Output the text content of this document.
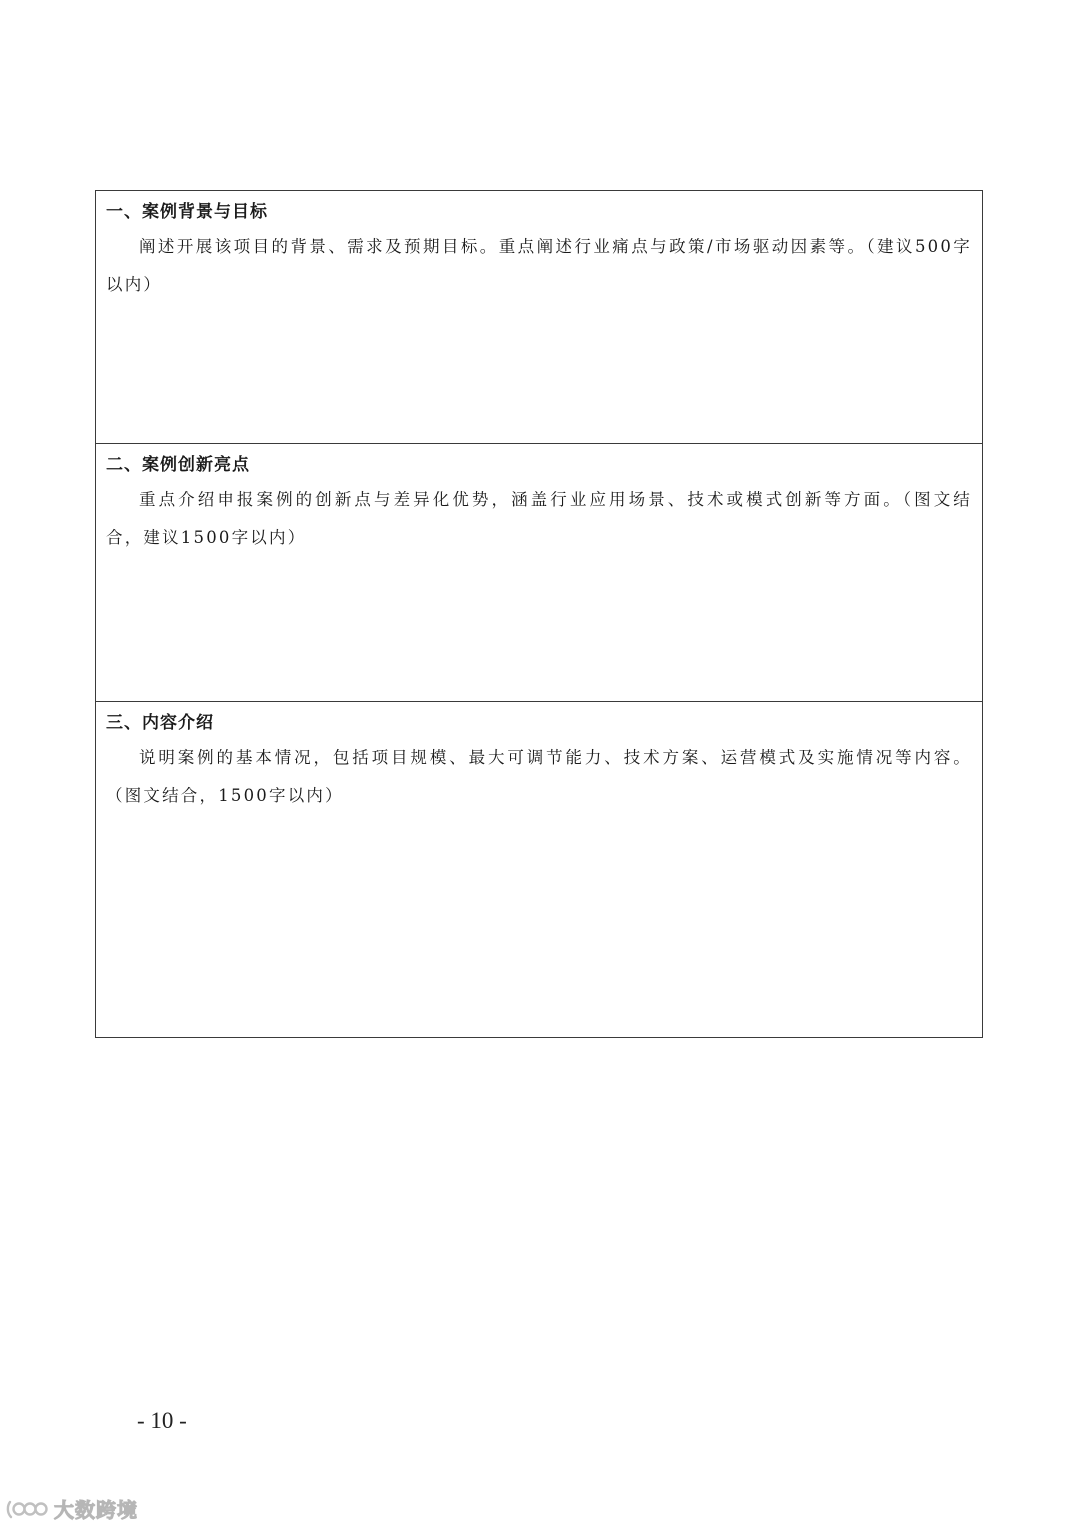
一、案例背景与目标

阐述开展该项目的背景、需求及预期目标。重点阐述行业痛点与政策/市场驱动因素等。（建议500字以内）

二、案例创新亮点

重点介绍申报案例的创新点与差异化优势，涵盖行业应用场景、技术或模式创新等方面。（图文结合，建议1500字以内）

三、内容介绍

说明案例的基本情况，包括项目规模、最大可调节能力、技术方案、运营模式及实施情况等内容。（图文结合，1500字以内）

- 10 -
大数跨境
